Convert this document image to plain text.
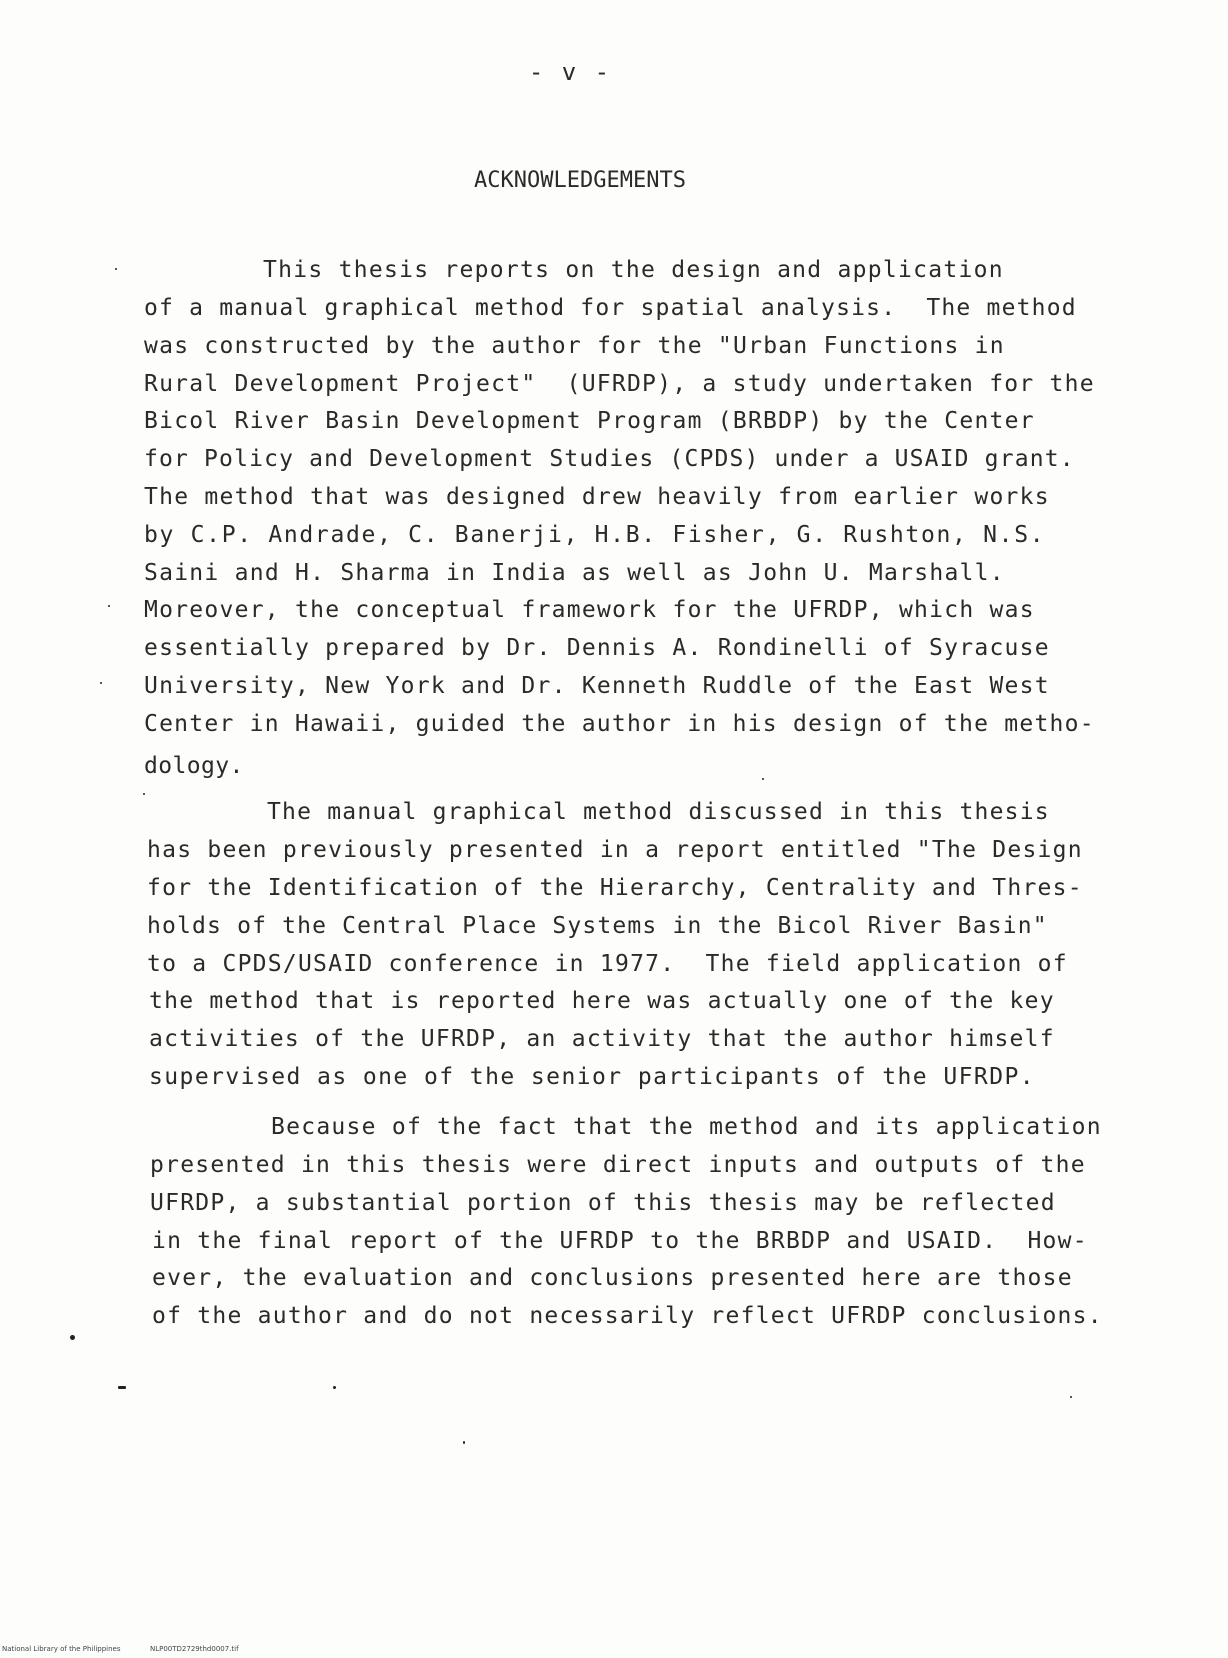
- v -
ACKNOWLEDGEMENTS
This thesis reports on the design and application
of a manual graphical method for spatial analysis.  The method
was constructed by the author for the "Urban Functions in
Rural Development Project"  (UFRDP), a study undertaken for the
Bicol River Basin Development Program (BRBDP) by the Center
for Policy and Development Studies (CPDS) under a USAID grant.
The method that was designed drew heavily from earlier works
by C.P. Andrade, C. Banerji, H.B. Fisher, G. Rushton, N.S.
Saini and H. Sharma in India as well as John U. Marshall.
Moreover, the conceptual framework for the UFRDP, which was
essentially prepared by Dr. Dennis A. Rondinelli of Syracuse
University, New York and Dr. Kenneth Ruddle of the East West
Center in Hawaii, guided the author in his design of the metho-
dology.
The manual graphical method discussed in this thesis
has been previously presented in a report entitled "The Design
for the Identification of the Hierarchy, Centrality and Thres-
holds of the Central Place Systems in the Bicol River Basin"
to a CPDS/USAID conference in 1977.  The field application of
the method that is reported here was actually one of the key
activities of the UFRDP, an activity that the author himself
supervised as one of the senior participants of the UFRDP.
Because of the fact that the method and its application
presented in this thesis were direct inputs and outputs of the
UFRDP, a substantial portion of this thesis may be reflected
in the final report of the UFRDP to the BRBDP and USAID.  How-
ever, the evaluation and conclusions presented here are those
of the author and do not necessarily reflect UFRDP conclusions.
National Library of the Philippines	NLP00TD2729thd0007.tif
